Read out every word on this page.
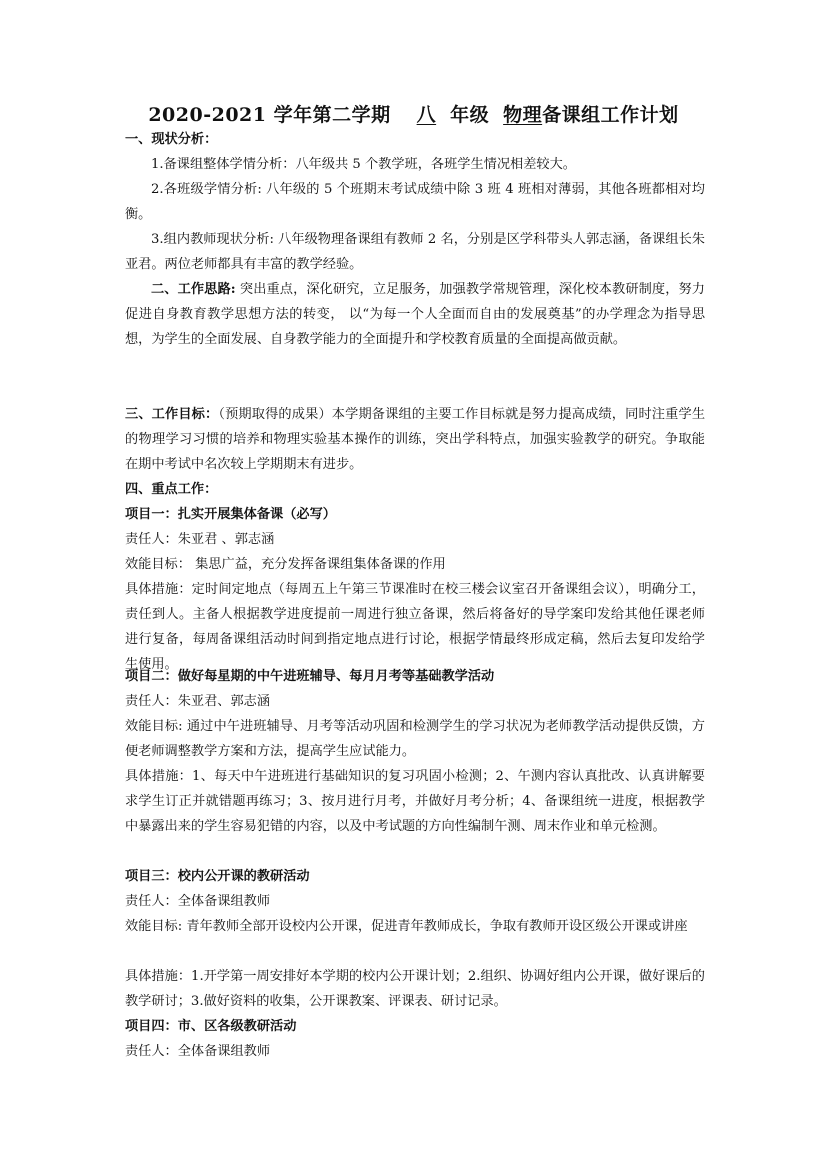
2020-2021 学年第二学期 八 年级 物理备课组工作计划

一、现状分析：

1.备课组整体学情分析：八年级共 5 个教学班，各班学生情况相差较大。

2.各班级学情分析: 八年级的 5 个班期末考试成绩中除 3 班 4 班相对薄弱，其他各班都相对均衡。

3.组内教师现状分析: 八年级物理备课组有教师 2 名，分别是区学科带头人郭志涵，备课组长朱亚君。两位老师都具有丰富的教学经验。

二、工作思路: 突出重点，深化研究，立足服务，加强教学常规管理，深化校本教研制度，努力促进自身教育教学思想方法的转变， 以“为每一个人全面而自由的发展奠基”的办学理念为指导思想，为学生的全面发展、自身教学能力的全面提升和学校教育质量的全面提高做贡献。

三、工作目标：（预期取得的成果）本学期备课组的主要工作目标就是努力提高成绩，同时注重学生的物理学习习惯的培养和物理实验基本操作的训练，突出学科特点，加强实验教学的研究。争取能在期中考试中名次较上学期期末有进步。

四、重点工作：

项目一：扎实开展集体备课（必写）

责任人：朱亚君 、郭志涵

效能目标： 集思广益，充分发挥备课组集体备课的作用

具体措施：定时间定地点（每周五上午第三节课准时在校三楼会议室召开备课组会议），明确分工，责任到人。主备人根据教学进度提前一周进行独立备课，然后将备好的导学案印发给其他任课老师进行复备，每周备课组活动时间到指定地点进行讨论，根据学情最终形成定稿，然后去复印发给学生使用。

项目二：做好每星期的中午进班辅导、每月月考等基础教学活动

责任人：朱亚君、郭志涵

效能目标: 通过中午进班辅导、月考等活动巩固和检测学生的学习状况为老师教学活动提供反馈，方便老师调整教学方案和方法，提高学生应试能力。

具体措施：1、每天中午进班进行基础知识的复习巩固小检测；2、午测内容认真批改、认真讲解要求学生订正并就错题再练习；3、按月进行月考，并做好月考分析；4、备课组统一进度，根据教学中暴露出来的学生容易犯错的内容，以及中考试题的方向性编制午测、周末作业和单元检测。

项目三：校内公开课的教研活动

责任人：全体备课组教师

效能目标: 青年教师全部开设校内公开课，促进青年教师成长，争取有教师开设区级公开课或讲座

具体措施：1.开学第一周安排好本学期的校内公开课计划；2.组织、协调好组内公开课，做好课后的教学研讨；3.做好资料的收集，公开课教案、评课表、研讨记录。

项目四：市、区各级教研活动

责任人：全体备课组教师
